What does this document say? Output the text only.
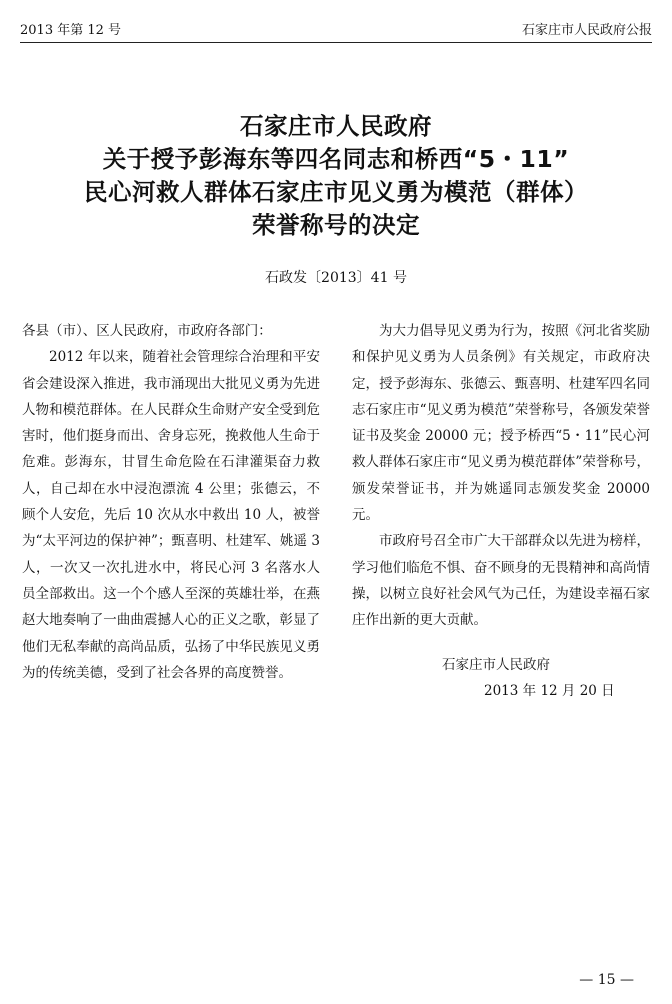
2013 年第 12 号	石家庄市人民政府公报
石家庄市人民政府
关于授予彭海东等四名同志和桥西“5・11”
民心河救人群体石家庄市见义勇为模范（群体）
荣誉称号的决定
石政发〔2013〕41 号

各县（市）、区人民政府，市政府各部门：

2012 年以来，随着社会管理综合治理和平安省会建设深入推进，我市涌现出大批见义勇为先进人物和模范群体。在人民群众生命财产安全受到危害时，他们挺身而出、舍身忘死，挽救他人生命于危难。彭海东，甘冒生命危险在石津灌渠奋力救人，自己却在水中浸泡漂流 4 公里；张德云，不顾个人安危，先后 10 次从水中救出 10 人，被誉为“太平河边的保护神”；甄喜明、杜建军、姚遥 3 人，一次又一次扎进水中，将民心河 3 名落水人员全部救出。这一个个感人至深的英雄壮举，在燕赵大地奏响了一曲曲震撼人心的正义之歌，彰显了他们无私奉献的高尚品质，弘扬了中华民族见义勇为的传统美德，受到了社会各界的高度赞誉。

为大力倡导见义勇为行为，按照《河北省奖励和保护见义勇为人员条例》有关规定，市政府决定，授予彭海东、张德云、甄喜明、杜建军四名同志石家庄市“见义勇为模范”荣誉称号，各颁发荣誉证书及奖金 20000 元；授予桥西“5・11”民心河救人群体石家庄市“见义勇为模范群体”荣誉称号，颁发荣誉证书，并为姚遥同志颁发奖金 20000 元。

市政府号召全市广大干部群众以先进为榜样，学习他们临危不惧、奋不顾身的无畏精神和高尚情操，以树立良好社会风气为己任，为建设幸福石家庄作出新的更大贡献。

石家庄市人民政府
2013 年 12 月 20 日
— 15 —
